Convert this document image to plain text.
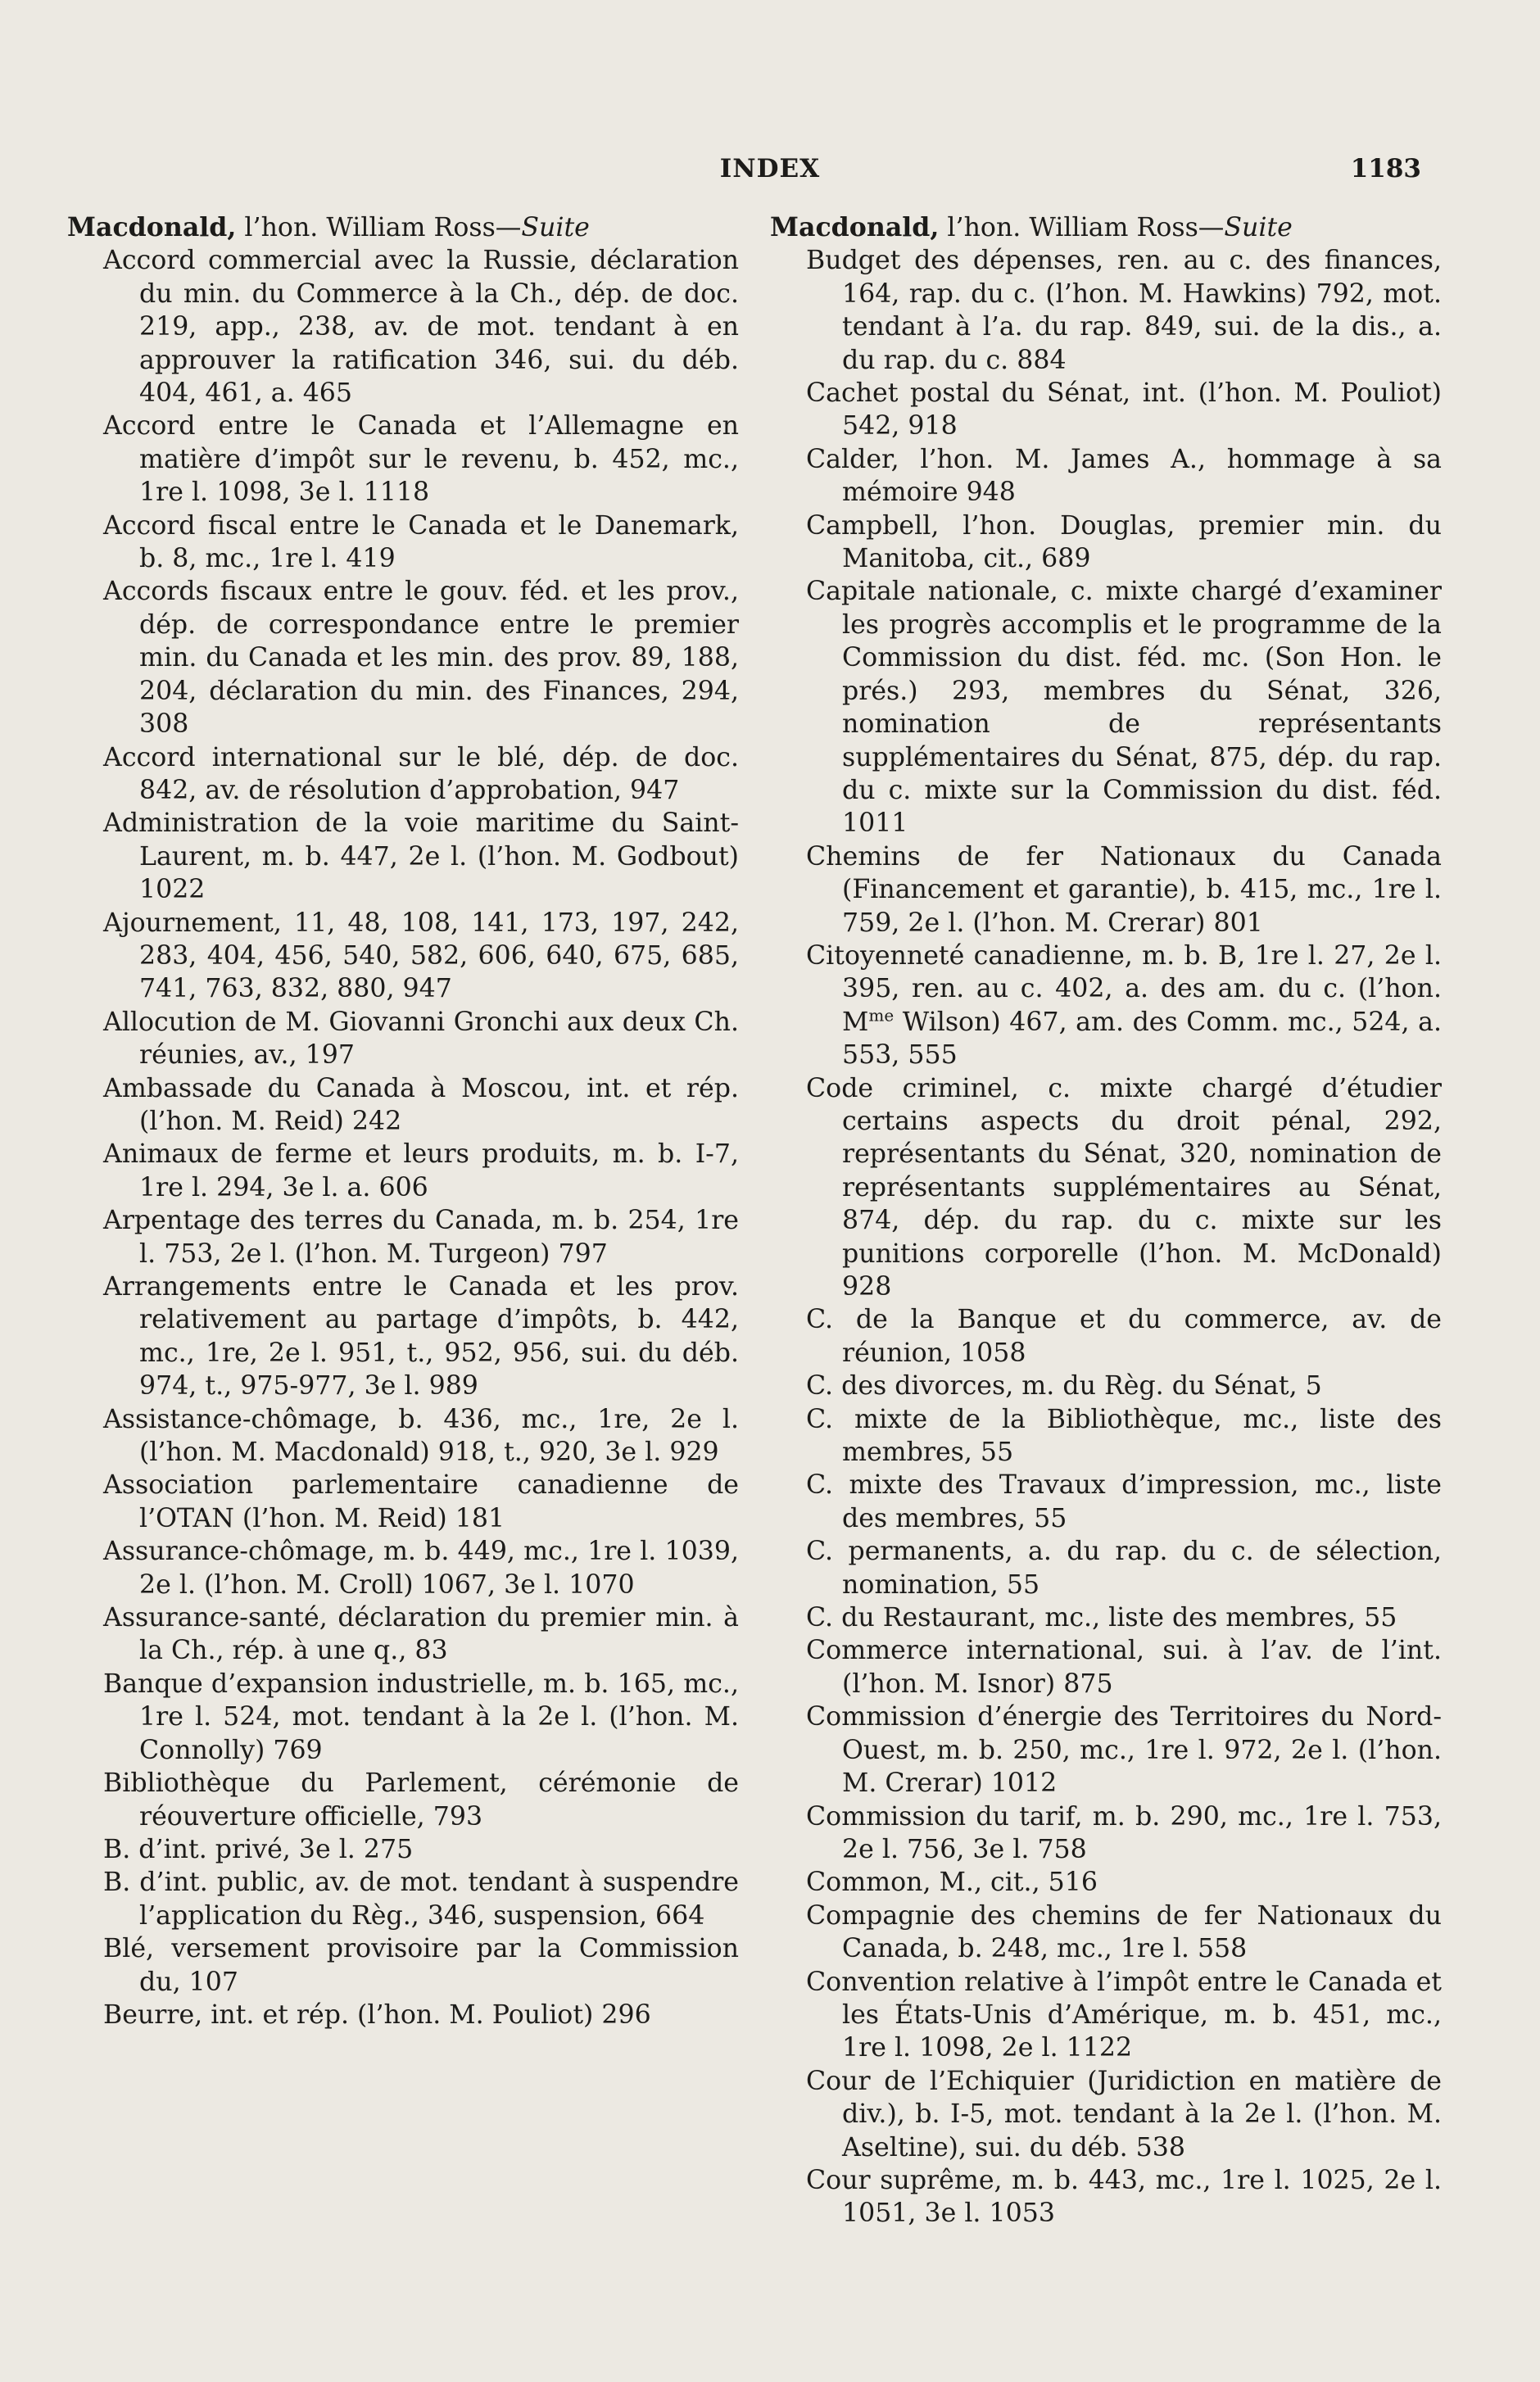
INDEX	1183

Macdonald, l’hon. William Ross—Suite

Accord commercial avec la Russie, déclaration du min. du Commerce à la Ch., dép. de doc. 219, app., 238, av. de mot. tendant à en approuver la ratification 346, sui. du déb. 404, 461, a. 465

Accord entre le Canada et l’Allemagne en matière d’impôt sur le revenu, b. 452, mc., 1re l. 1098, 3e l. 1118

Accord fiscal entre le Canada et le Danemark, b. 8, mc., 1re l. 419

Accords fiscaux entre le gouv. féd. et les prov., dép. de correspondance entre le premier min. du Canada et les min. des prov. 89, 188, 204, déclaration du min. des Finances, 294, 308

Accord international sur le blé, dép. de doc. 842, av. de résolution d’approbation, 947

Administration de la voie maritime du Saint-Laurent, m. b. 447, 2e l. (l’hon. M. Godbout) 1022

Ajournement, 11, 48, 108, 141, 173, 197, 242, 283, 404, 456, 540, 582, 606, 640, 675, 685, 741, 763, 832, 880, 947

Allocution de M. Giovanni Gronchi aux deux Ch. réunies, av., 197

Ambassade du Canada à Moscou, int. et rép. (l’hon. M. Reid) 242

Animaux de ferme et leurs produits, m. b. I-7, 1re l. 294, 3e l. a. 606

Arpentage des terres du Canada, m. b. 254, 1re l. 753, 2e l. (l’hon. M. Turgeon) 797

Arrangements entre le Canada et les prov. relativement au partage d’impôts, b. 442, mc., 1re, 2e l. 951, t., 952, 956, sui. du déb. 974, t., 975-977, 3e l. 989

Assistance-chômage, b. 436, mc., 1re, 2e l. (l’hon. M. Macdonald) 918, t., 920, 3e l. 929

Association parlementaire canadienne de l’OTAN (l’hon. M. Reid) 181

Assurance-chômage, m. b. 449, mc., 1re l. 1039, 2e l. (l’hon. M. Croll) 1067, 3e l. 1070

Assurance-santé, déclaration du premier min. à la Ch., rép. à une q., 83

Banque d’expansion industrielle, m. b. 165, mc., 1re l. 524, mot. tendant à la 2e l. (l’hon. M. Connolly) 769

Bibliothèque du Parlement, cérémonie de réouverture officielle, 793

B. d’int. privé, 3e l. 275

B. d’int. public, av. de mot. tendant à suspendre l’application du Règ., 346, suspension, 664

Blé, versement provisoire par la Commission du, 107

Beurre, int. et rép. (l’hon. M. Pouliot) 296

Macdonald, l’hon. William Ross—Suite

Budget des dépenses, ren. au c. des finances, 164, rap. du c. (l’hon. M. Hawkins) 792, mot. tendant à l’a. du rap. 849, sui. de la dis., a. du rap. du c. 884

Cachet postal du Sénat, int. (l’hon. M. Pouliot) 542, 918

Calder, l’hon. M. James A., hommage à sa mémoire 948

Campbell, l’hon. Douglas, premier min. du Manitoba, cit., 689

Capitale nationale, c. mixte chargé d’examiner les progrès accomplis et le programme de la Commission du dist. féd. mc. (Son Hon. le prés.) 293, membres du Sénat, 326, nomination de représentants supplémentaires du Sénat, 875, dép. du rap. du c. mixte sur la Commission du dist. féd. 1011

Chemins de fer Nationaux du Canada (Financement et garantie), b. 415, mc., 1re l. 759, 2e l. (l’hon. M. Crerar) 801

Citoyenneté canadienne, m. b. B, 1re l. 27, 2e l. 395, ren. au c. 402, a. des am. du c. (l’hon. $M^{me}$ Wilson) 467, am. des Comm. mc., 524, a. 553, 555

Code criminel, c. mixte chargé d’étudier certains aspects du droit pénal, 292, représentants du Sénat, 320, nomination de représentants supplémentaires au Sénat, 874, dép. du rap. du c. mixte sur les punitions corporelle (l’hon. M. McDonald) 928

C. de la Banque et du commerce, av. de réunion, 1058

C. des divorces, m. du Règ. du Sénat, 5

C. mixte de la Bibliothèque, mc., liste des membres, 55

C. mixte des Travaux d’impression, mc., liste des membres, 55

C. permanents, a. du rap. du c. de sélection, nomination, 55

C. du Restaurant, mc., liste des membres, 55

Commerce international, sui. à l’av. de l’int. (l’hon. M. Isnor) 875

Commission d’énergie des Territoires du Nord-Ouest, m. b. 250, mc., 1re l. 972, 2e l. (l’hon. M. Crerar) 1012

Commission du tarif, m. b. 290, mc., 1re l. 753, 2e l. 756, 3e l. 758

Common, M., cit., 516

Compagnie des chemins de fer Nationaux du Canada, b. 248, mc., 1re l. 558

Convention relative à l’impôt entre le Canada et les États-Unis d’Amérique, m. b. 451, mc., 1re l. 1098, 2e l. 1122

Cour de l’Echiquier (Juridiction en matière de div.), b. I-5, mot. tendant à la 2e l. (l’hon. M. Aseltine), sui. du déb. 538

Cour suprême, m. b. 443, mc., 1re l. 1025, 2e l. 1051, 3e l. 1053
